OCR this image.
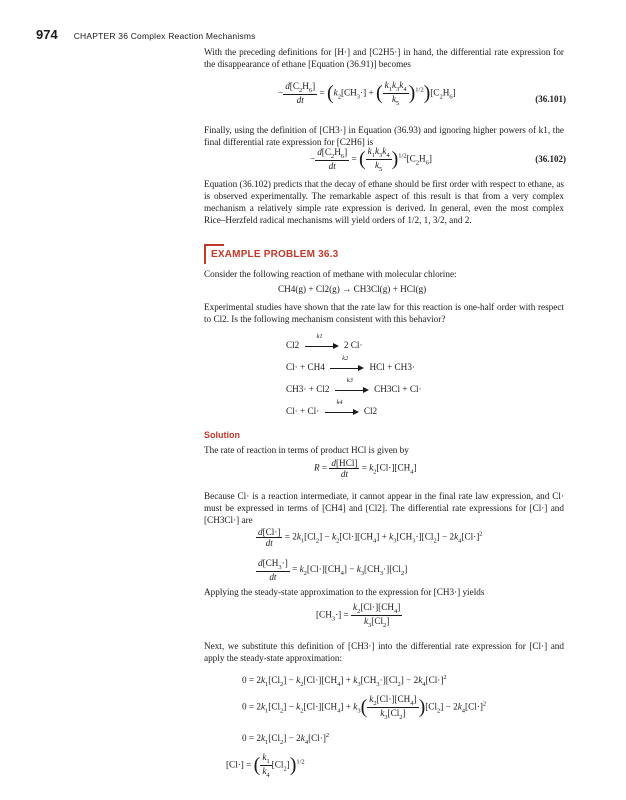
974 CHAPTER 36 Complex Reaction Mechanisms
With the preceding definitions for [H·] and [C2H5·] in hand, the differential rate expression for the disappearance of ethane [Equation (36.91)] becomes
− $\frac{d[C_2H_6]}{dt} = (k_2[CH_3\cdot]$ + ( $\frac{k_1k_3k_4}{k_5} )^{1/2})[C_2H_6]$
(36.101)
Finally, using the definition of [CH3·] in Equation (36.93) and ignoring higher powers of k1, the final differential rate expression for [C2H6] is
− $\frac{d[C_2H_6]}{dt}$ = ( $\frac{k_1k_3k_4}{k_5} )^{1/2}[C_2H_6]$	(36.102)
Equation (36.102) predicts that the decay of ethane should be first order with respect to ethane, as is observed experimentally. The remarkable aspect of this result is that from a very complex mechanism a relatively simple rate expression is derived. In general, even the most complex Rice–Herzfeld radical mechanisms will yield orders of 1/2, 1, 3/2, and 2.
EXAMPLE PROBLEM 36.3
Consider the following reaction of methane with molecular chlorine:
CH4(g) + Cl2(g) → CH3Cl(g) + HCl(g)
Experimental studies have shown that the rate law for this reaction is one-half order with respect to Cl2. Is the following mechanism consistent with this behavior?
Cl2
k1
2 Cl·
Cl· + CH4
k2
HCl + CH3·
CH3· + Cl2
k3
CH3Cl + Cl·
Cl· + Cl·
k4
Cl2
Solution
The rate of reaction in terms of product HCl is given by
$R = \frac{\text{d[HCl]}}{dt} = k_2[Cl\cdot][CH_4]$
Because Cl· is a reaction intermediate, it cannot appear in the final rate law expression, and Cl· must be expressed in terms of [CH4] and [Cl2]. The differential rate expressions for [Cl·] and [CH3Cl·] are
$\frac{d[Cl\cdot]}{dt} = 2k_1[Cl_2] - k_2[Cl\cdot][CH_4] + k_3[CH_3\cdot][Cl_2] - 2k_4[Cl\cdot]^2$
$\frac{d[CH_3\cdot]}{dt} = k_2[Cl\cdot][CH_4] - k_3[CH_3\cdot][Cl_2]$
Applying the steady-state approximation to the expression for [CH3·] yields
$[CH_3\cdot] = \frac{k_2[Cl\cdot][CH_4]}{k_3[Cl_2]}$
Next, we substitute this definition of [CH3·] into the differential rate expression for [Cl·] and apply the steady-state approximation:
$0 = 2k_1[Cl_2] - k_2[Cl\cdot][CH_4] + k_3[CH_3\cdot][Cl_2] - 2k_4[Cl\cdot]^2$
$0 = 2k_1[Cl_2] - k_2[Cl\cdot][CH_4] + k_3( \frac{k_2[Cl\cdot][CH_4]}{k_3[Cl_2]} )[Cl_2] - 2k_4[Cl\cdot]^2$
$0 = 2k_1[Cl_2] - 2k_4[Cl\cdot]^2$
[Cl·] = ( $\frac{k_1}{k_4} [Cl_2])^{1/2}$
